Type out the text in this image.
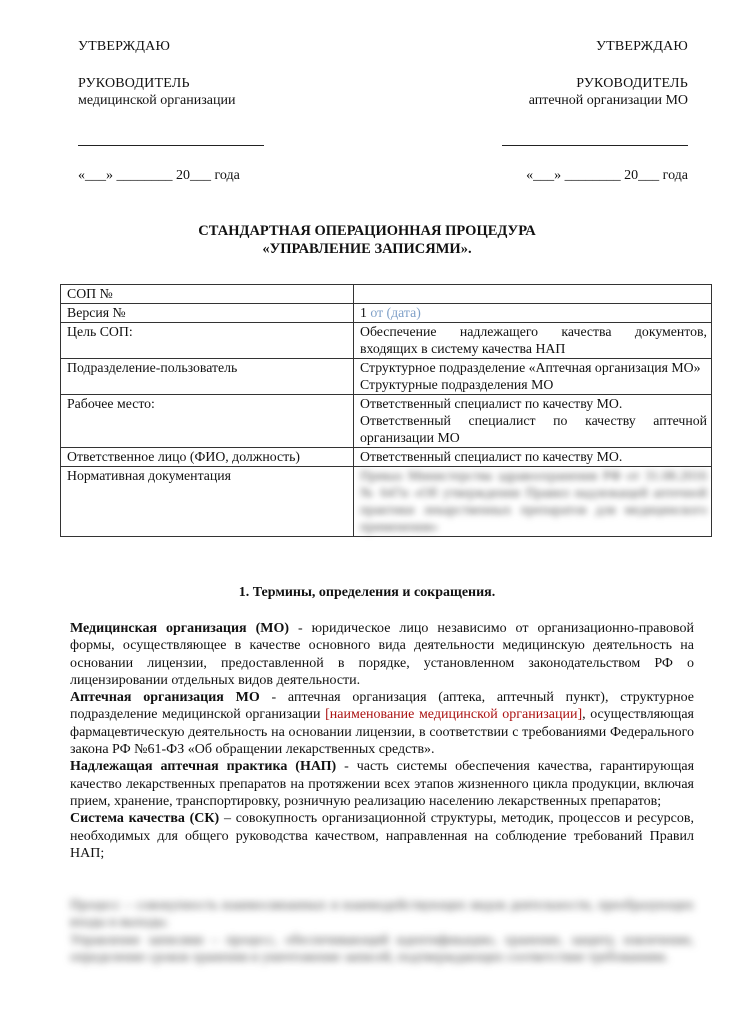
УТВЕРЖДАЮ
РУКОВОДИТЕЛЬ
медицинской организации
«___» ________ 20___ года
УТВЕРЖДАЮ
РУКОВОДИТЕЛЬ
аптечной организации МО
«___» ________ 20___ года
СТАНДАРТНАЯ ОПЕРАЦИОННАЯ ПРОЦЕДУРА
«УПРАВЛЕНИЕ ЗАПИСЯМИ».
СОП №	
Версия №	1 от (дата)
Цель СОП:	Обеспечение надлежащего качества документов, входящих в систему качества НАП
Подразделение-пользователь	Структурное подразделение «Аптечная организация МО»
Структурные подразделения МО

Рабочее место:	Ответственный специалист по качеству МО.
Ответственный специалист по качеству аптечной организации МО

Ответственное лицо (ФИО, должность)	Ответственный специалист по качеству МО.
Нормативная документация	Приказ Министерства здравоохранения РФ от 31.08.2016 № 647н «Об утверждении Правил надлежащей аптечной практики лекарственных препаратов для медицинского применения»
1. Термины, определения и сокращения.

Медицинская организация (МО) - юридическое лицо независимо от организационно-правовой формы, осуществляющее в качестве основного вида деятельности медицинскую деятельность на основании лицензии, предоставленной в порядке, установленном законодательством РФ о лицензировании отдельных видов деятельности.

Аптечная организация МО - аптечная организация (аптека, аптечный пункт), структурное подразделение медицинской организации [наименование медицинской организации], осуществляющая фармацевтическую деятельность на основании лицензии, в соответствии с требованиями Федерального закона РФ №61-ФЗ «Об обращении лекарственных средств».

Надлежащая аптечная практика (НАП) - часть системы обеспечения качества, гарантирующая качество лекарственных препаратов на протяжении всех этапов жизненного цикла продукции, включая прием, хранение, транспортировку, розничную реализацию населению лекарственных препаратов;

Система качества (СК) – совокупность организационной структуры, методик, процессов и ресурсов, необходимых для общего руководства качеством, направленная на соблюдение требований Правил НАП;

Процесс – совокупность взаимосвязанных и взаимодействующих видов деятельности, преобразующих входы в выходы.

Управление записями – процесс, обеспечивающий идентификацию, хранение, защиту, извлечение, определение сроков хранения и уничтожение записей, подтверждающих соответствие требованиям.
